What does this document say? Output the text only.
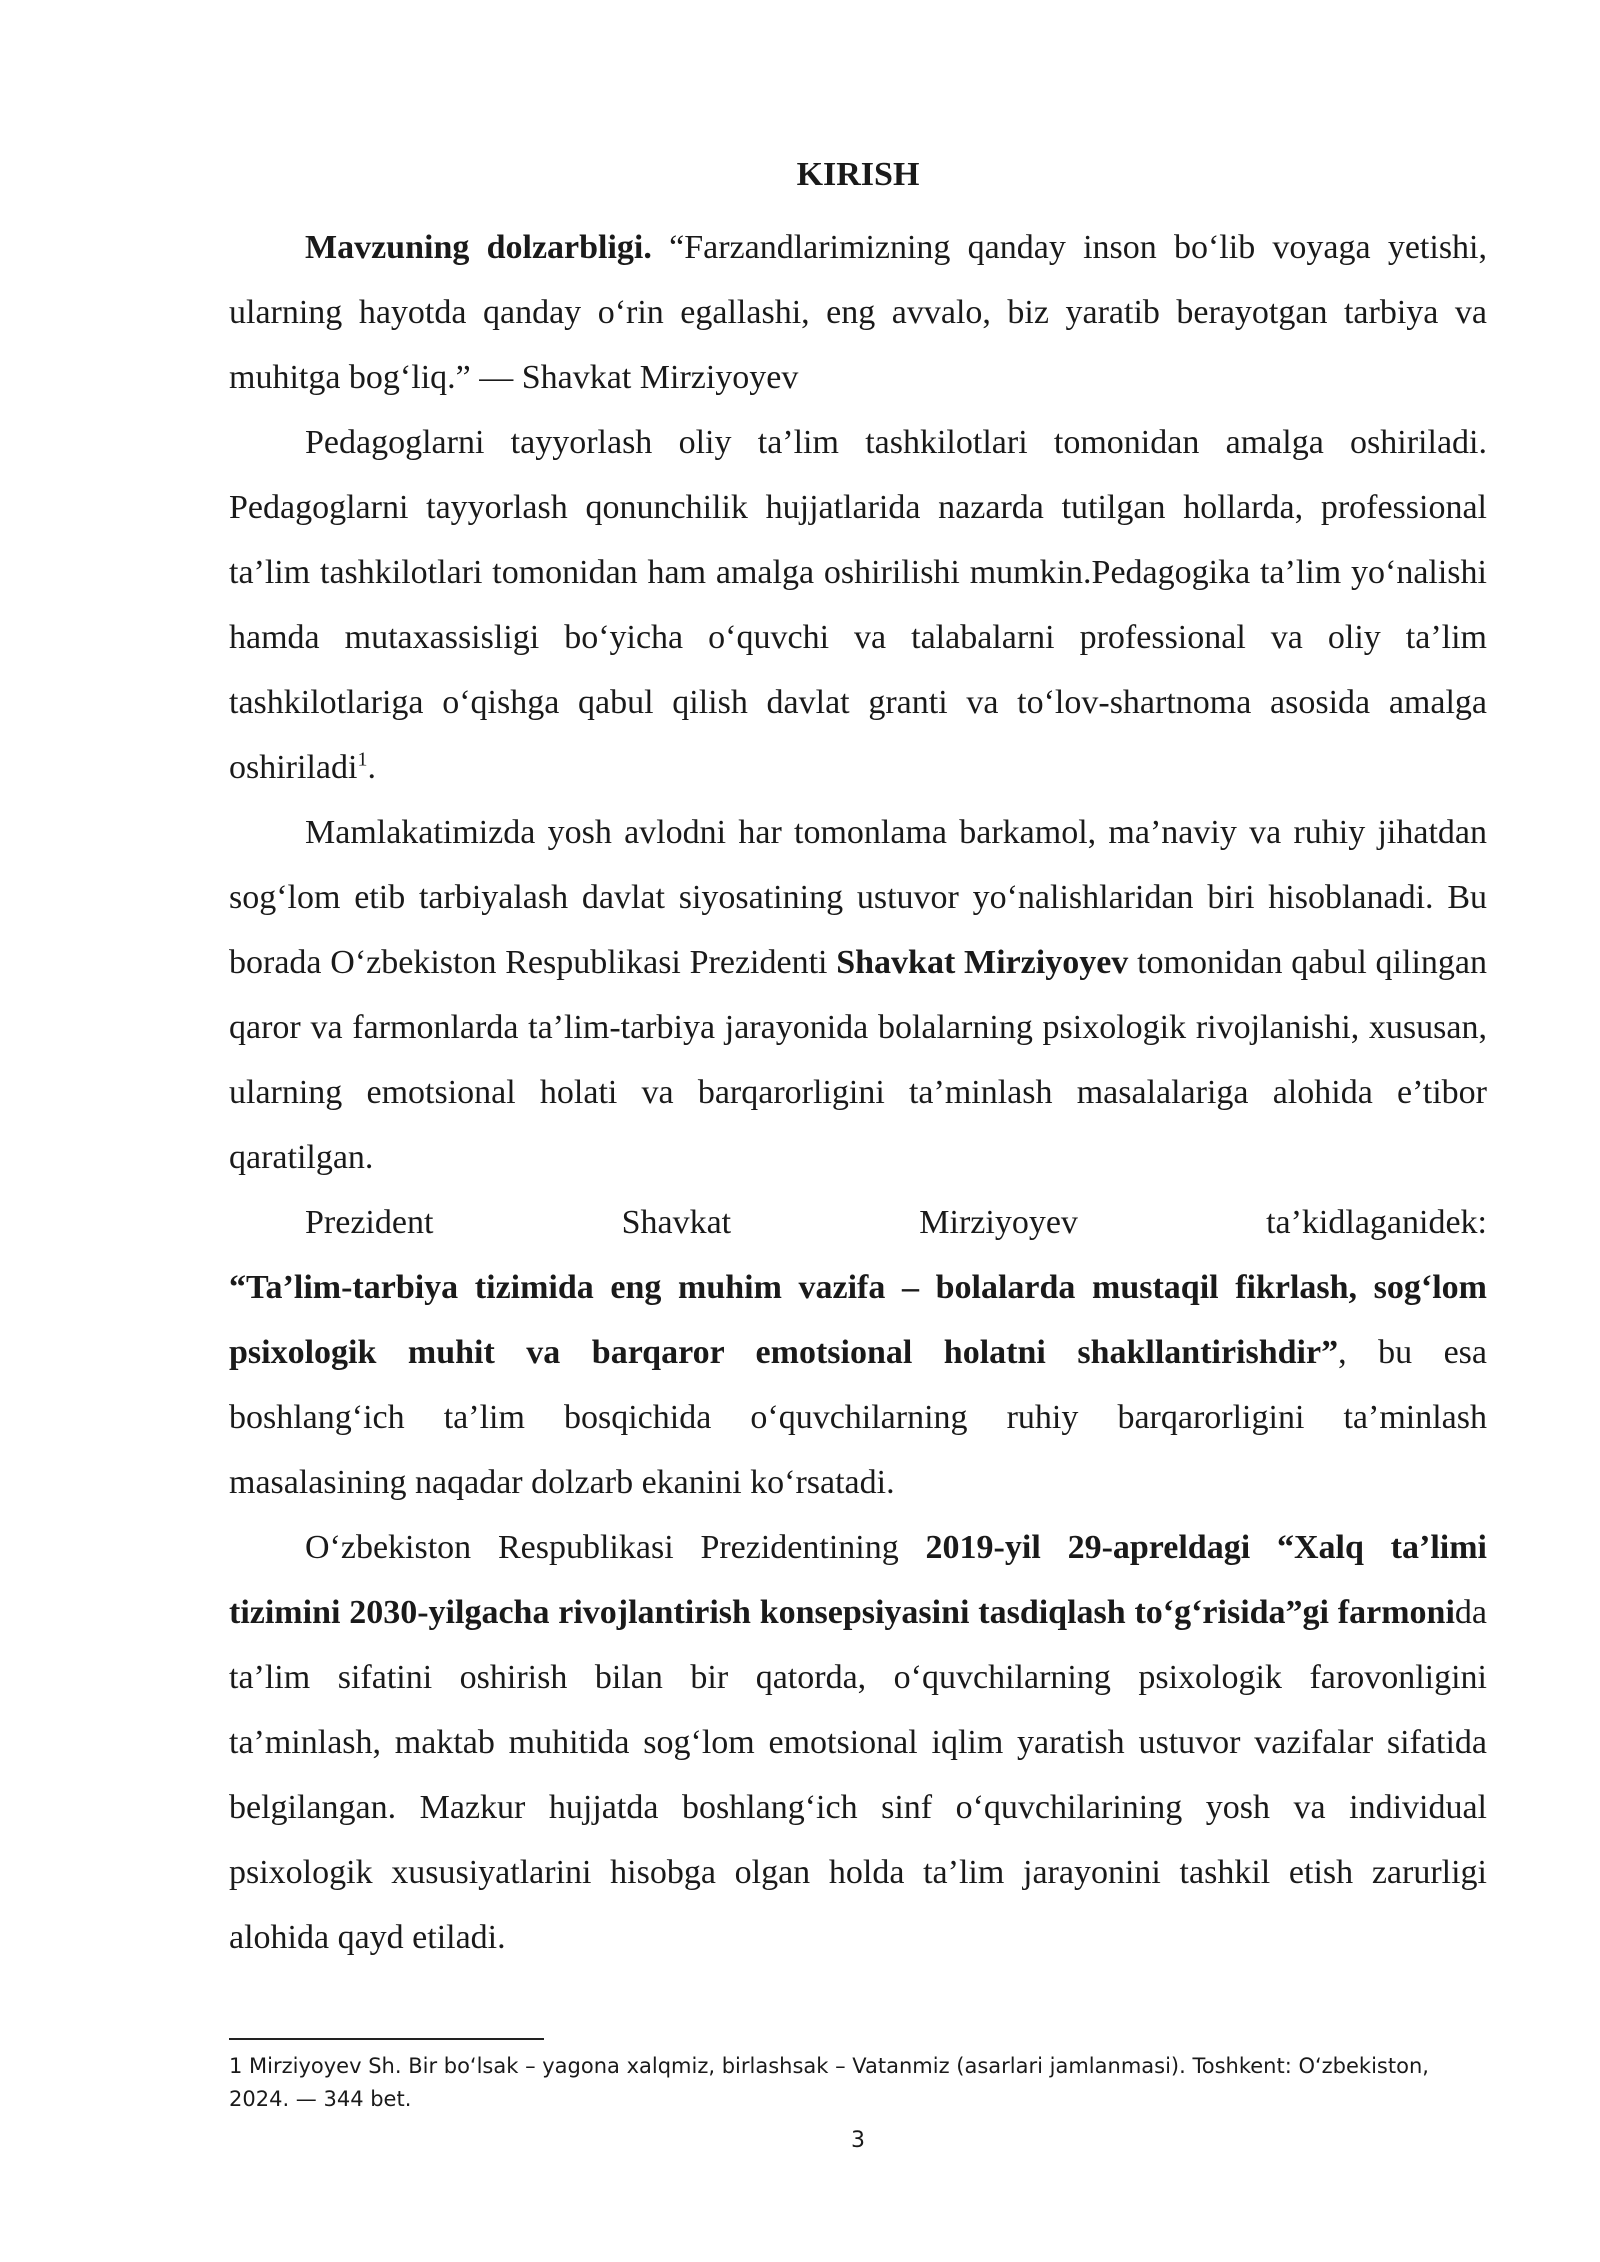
KIRISH

Mavzuning dolzarbligi. “Farzandlarimizning qanday inson bo‘lib voyaga yetishi, ularning hayotda qanday o‘rin egallashi, eng avvalo, biz yaratib berayotgan tarbiya va muhitga bog‘liq.” — Shavkat Mirziyoyev

Pedagoglarni tayyorlash oliy ta’lim tashkilotlari tomonidan amalga oshiriladi. Pedagoglarni tayyorlash qonunchilik hujjatlarida nazarda tutilgan hollarda, professional ta’lim tashkilotlari tomonidan ham amalga oshirilishi mumkin.Pedagogika ta’lim yo‘nalishi hamda mutaxassisligi bo‘yicha o‘quvchi va talabalarni professional va oliy ta’lim tashkilotlariga o‘qishga qabul qilish davlat granti va to‘lov-shartnoma asosida amalga oshiriladi$^1$.

Mamlakatimizda yosh avlodni har tomonlama barkamol, ma’naviy va ruhiy jihatdan sog‘lom etib tarbiyalash davlat siyosatining ustuvor yo‘nalishlaridan biri hisoblanadi. Bu borada O‘zbekiston Respublikasi Prezidenti Shavkat Mirziyoyev tomonidan qabul qilingan qaror va farmonlarda ta’lim-tarbiya jarayonida bolalarning psixologik rivojlanishi, xususan, ularning emotsional holati va barqarorligini ta’minlash masalalariga alohida e’tibor qaratilgan.

Prezident Shavkat Mirziyoyev ta’kidlaganidek:

“Ta’lim-tarbiya tizimida eng muhim vazifa – bolalarda mustaqil fikrlash, sog‘lom psixologik muhit va barqaror emotsional holatni shakllantirishdir”, bu esa boshlang‘ich ta’lim bosqichida o‘quvchilarning ruhiy barqarorligini ta’minlash masalasining naqadar dolzarb ekanini ko‘rsatadi.

O‘zbekiston Respublikasi Prezidentining 2019-yil 29-apreldagi “Xalq ta’limi tizimini 2030-yilgacha rivojlantirish konsepsiyasini tasdiqlash to‘g‘risida”gi farmonida ta’lim sifatini oshirish bilan bir qatorda, o‘quvchilarning psixologik farovonligini ta’minlash, maktab muhitida sog‘lom emotsional iqlim yaratish ustuvor vazifalar sifatida belgilangan. Mazkur hujjatda boshlang‘ich sinf o‘quvchilarining yosh va individual psixologik xususiyatlarini hisobga olgan holda ta’lim jarayonini tashkil etish zarurligi alohida qayd etiladi.

1 Mirziyoyev Sh. Bir bo‘lsak – yagona xalqmiz, birlashsak – Vatanmiz (asarlari jamlanmasi). Toshkent: O‘zbekiston, 2024. — 344 bet.
3
